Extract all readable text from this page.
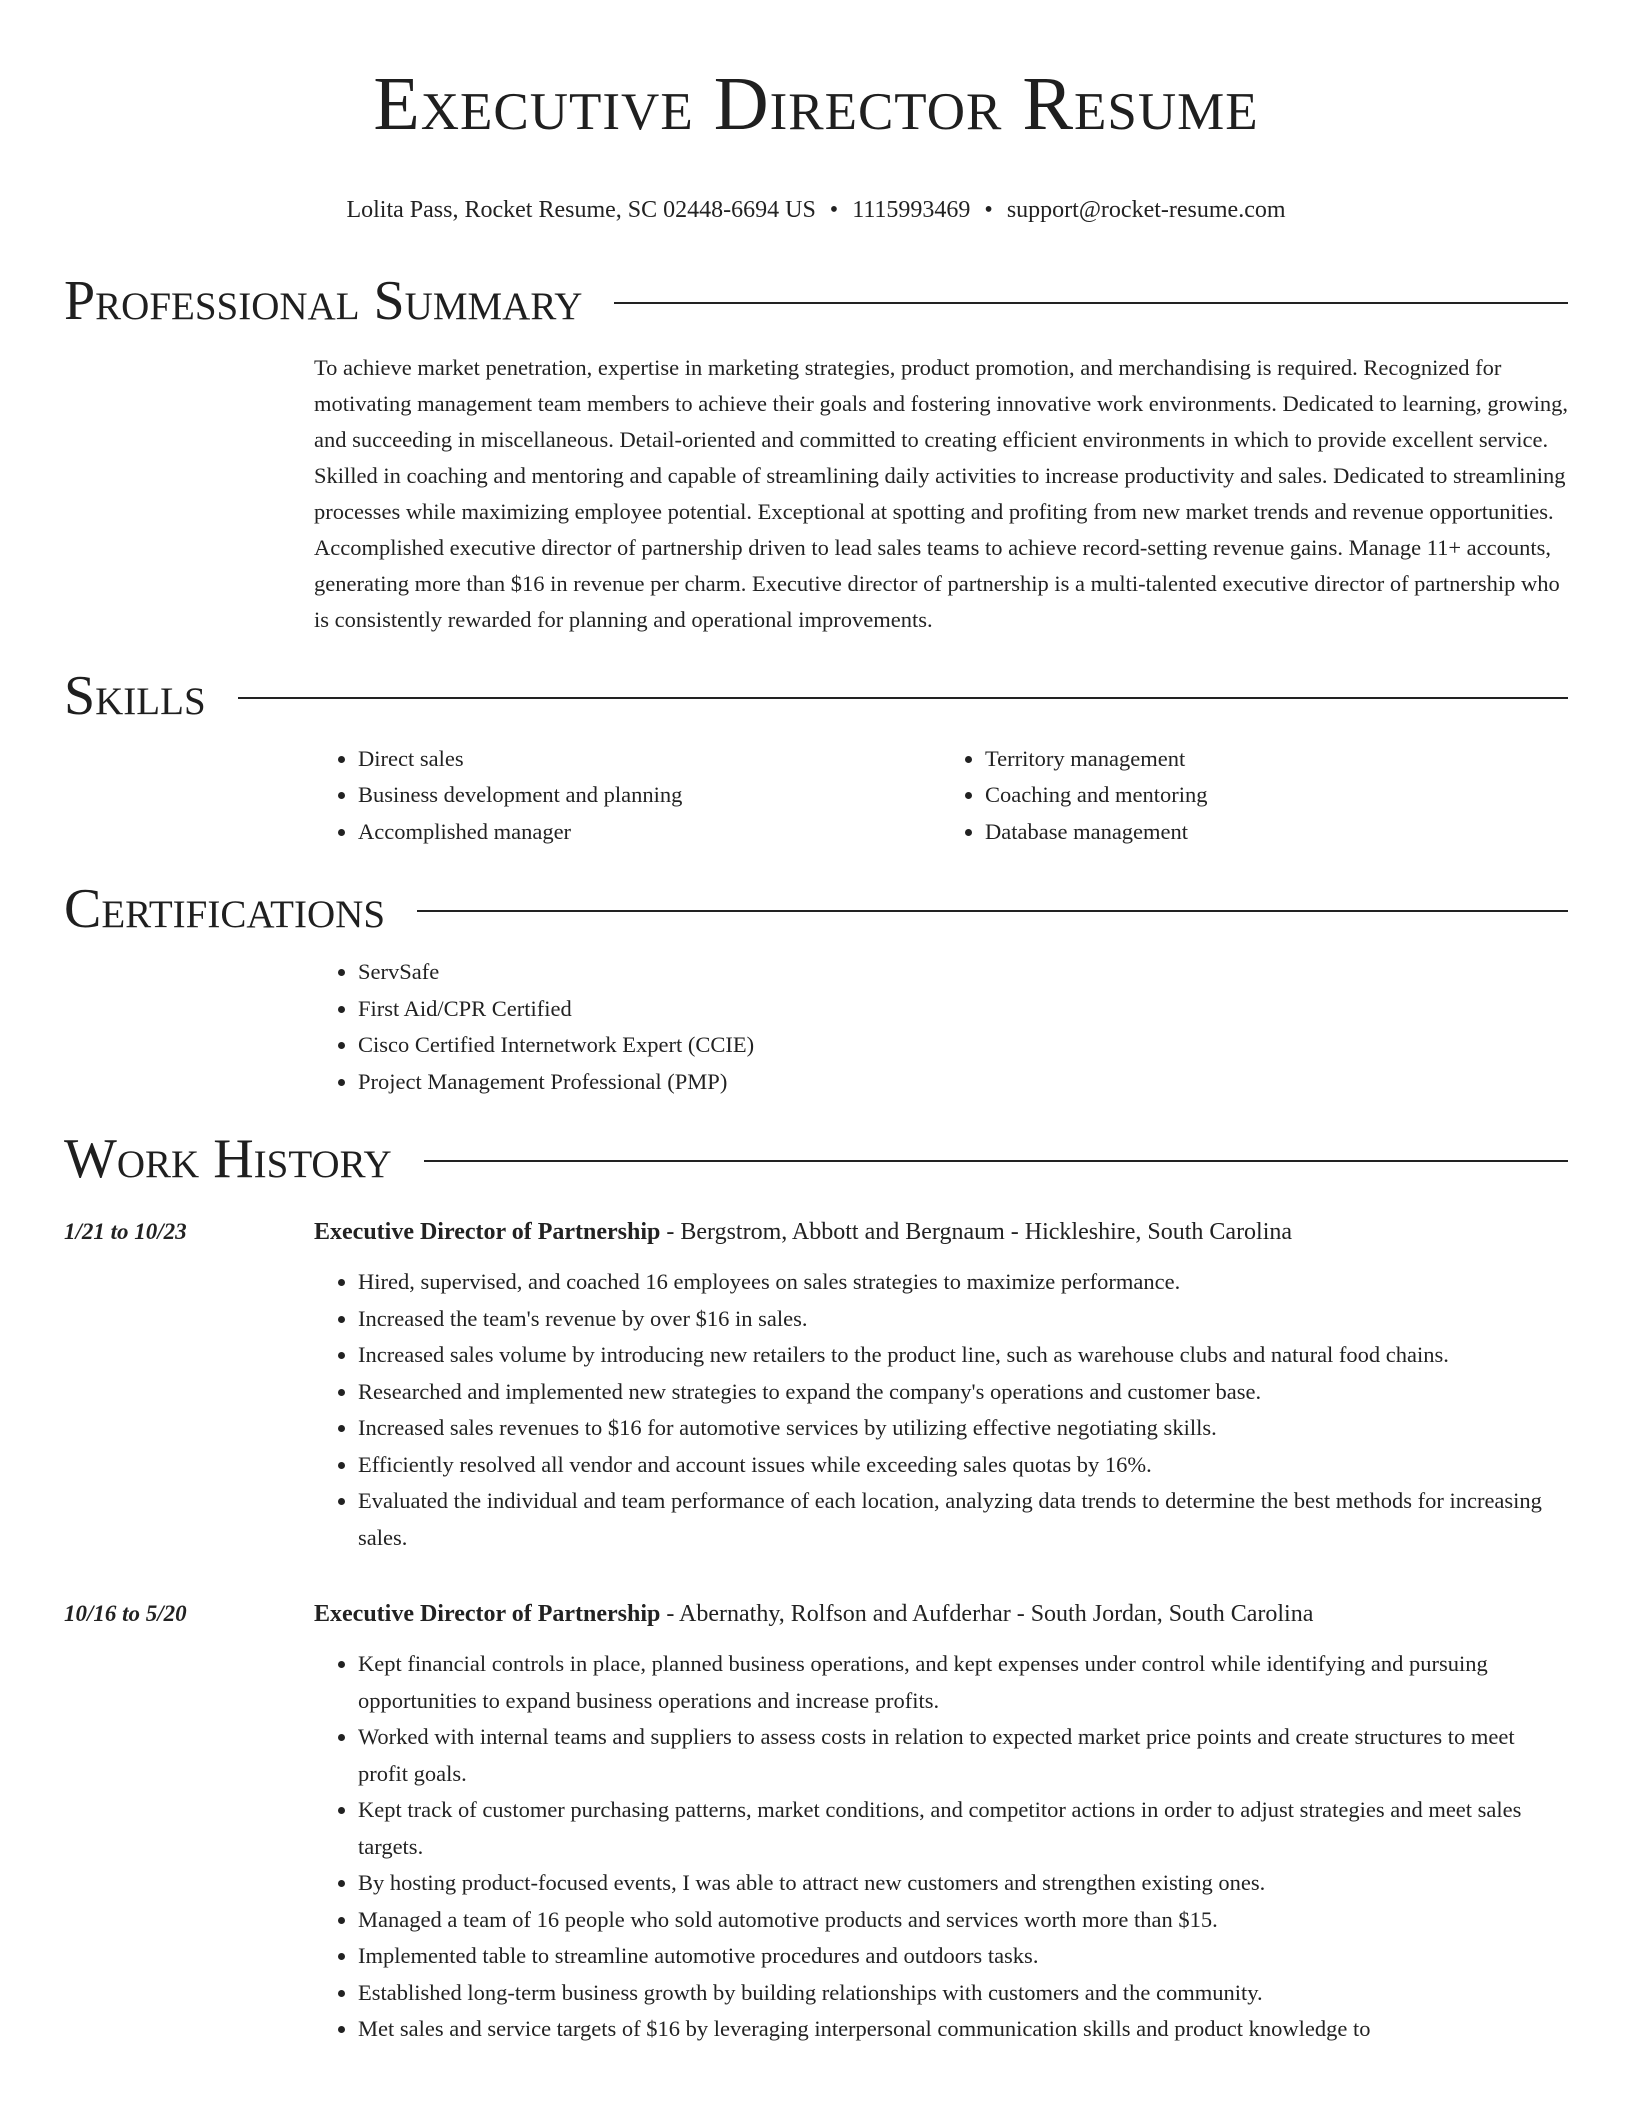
Executive Director Resume
Lolita Pass, Rocket Resume, SC 02448-6694 US • 1115993469 • support@rocket-resume.com
Professional Summary

To achieve market penetration, expertise in marketing strategies, product promotion, and merchandising is required. Recognized for motivating management team members to achieve their goals and fostering innovative work environments. Dedicated to learning, growing, and succeeding in miscellaneous. Detail-oriented and committed to creating efficient environments in which to provide excellent service. Skilled in coaching and mentoring and capable of streamlining daily activities to increase productivity and sales. Dedicated to streamlining processes while maximizing employee potential. Exceptional at spotting and profiting from new market trends and revenue opportunities. Accomplished executive director of partnership driven to lead sales teams to achieve record-setting revenue gains. Manage 11+ accounts, generating more than $16 in revenue per charm. Executive director of partnership is a multi-talented executive director of partnership who is consistently rewarded for planning and operational improvements.

Skills
• Direct sales
• Business development and planning
• Accomplished manager
• Territory management
• Coaching and mentoring
• Database management
Certifications
• ServSafe
• First Aid/CPR Certified
• Cisco Certified Internetwork Expert (CCIE)
• Project Management Professional (PMP)
Work History
1/21 to 10/23	Executive Director of Partnership - Bergstrom, Abbott and Bergnaum - Hickleshire, South Carolina
• Hired, supervised, and coached 16 employees on sales strategies to maximize performance.
• Increased the team's revenue by over $16 in sales.
• Increased sales volume by introducing new retailers to the product line, such as warehouse clubs and natural food chains.
• Researched and implemented new strategies to expand the company's operations and customer base.
• Increased sales revenues to $16 for automotive services by utilizing effective negotiating skills.
• Efficiently resolved all vendor and account issues while exceeding sales quotas by 16%.
• Evaluated the individual and team performance of each location, analyzing data trends to determine the best methods for increasing sales.
10/16 to 5/20	Executive Director of Partnership - Abernathy, Rolfson and Aufderhar - South Jordan, South Carolina
• Kept financial controls in place, planned business operations, and kept expenses under control while identifying and pursuing opportunities to expand business operations and increase profits.
• Worked with internal teams and suppliers to assess costs in relation to expected market price points and create structures to meet profit goals.
• Kept track of customer purchasing patterns, market conditions, and competitor actions in order to adjust strategies and meet sales targets.
• By hosting product-focused events, I was able to attract new customers and strengthen existing ones.
• Managed a team of 16 people who sold automotive products and services worth more than $15.
• Implemented table to streamline automotive procedures and outdoors tasks.
• Established long-term business growth by building relationships with customers and the community.
• Met sales and service targets of $16 by leveraging interpersonal communication skills and product knowledge to
